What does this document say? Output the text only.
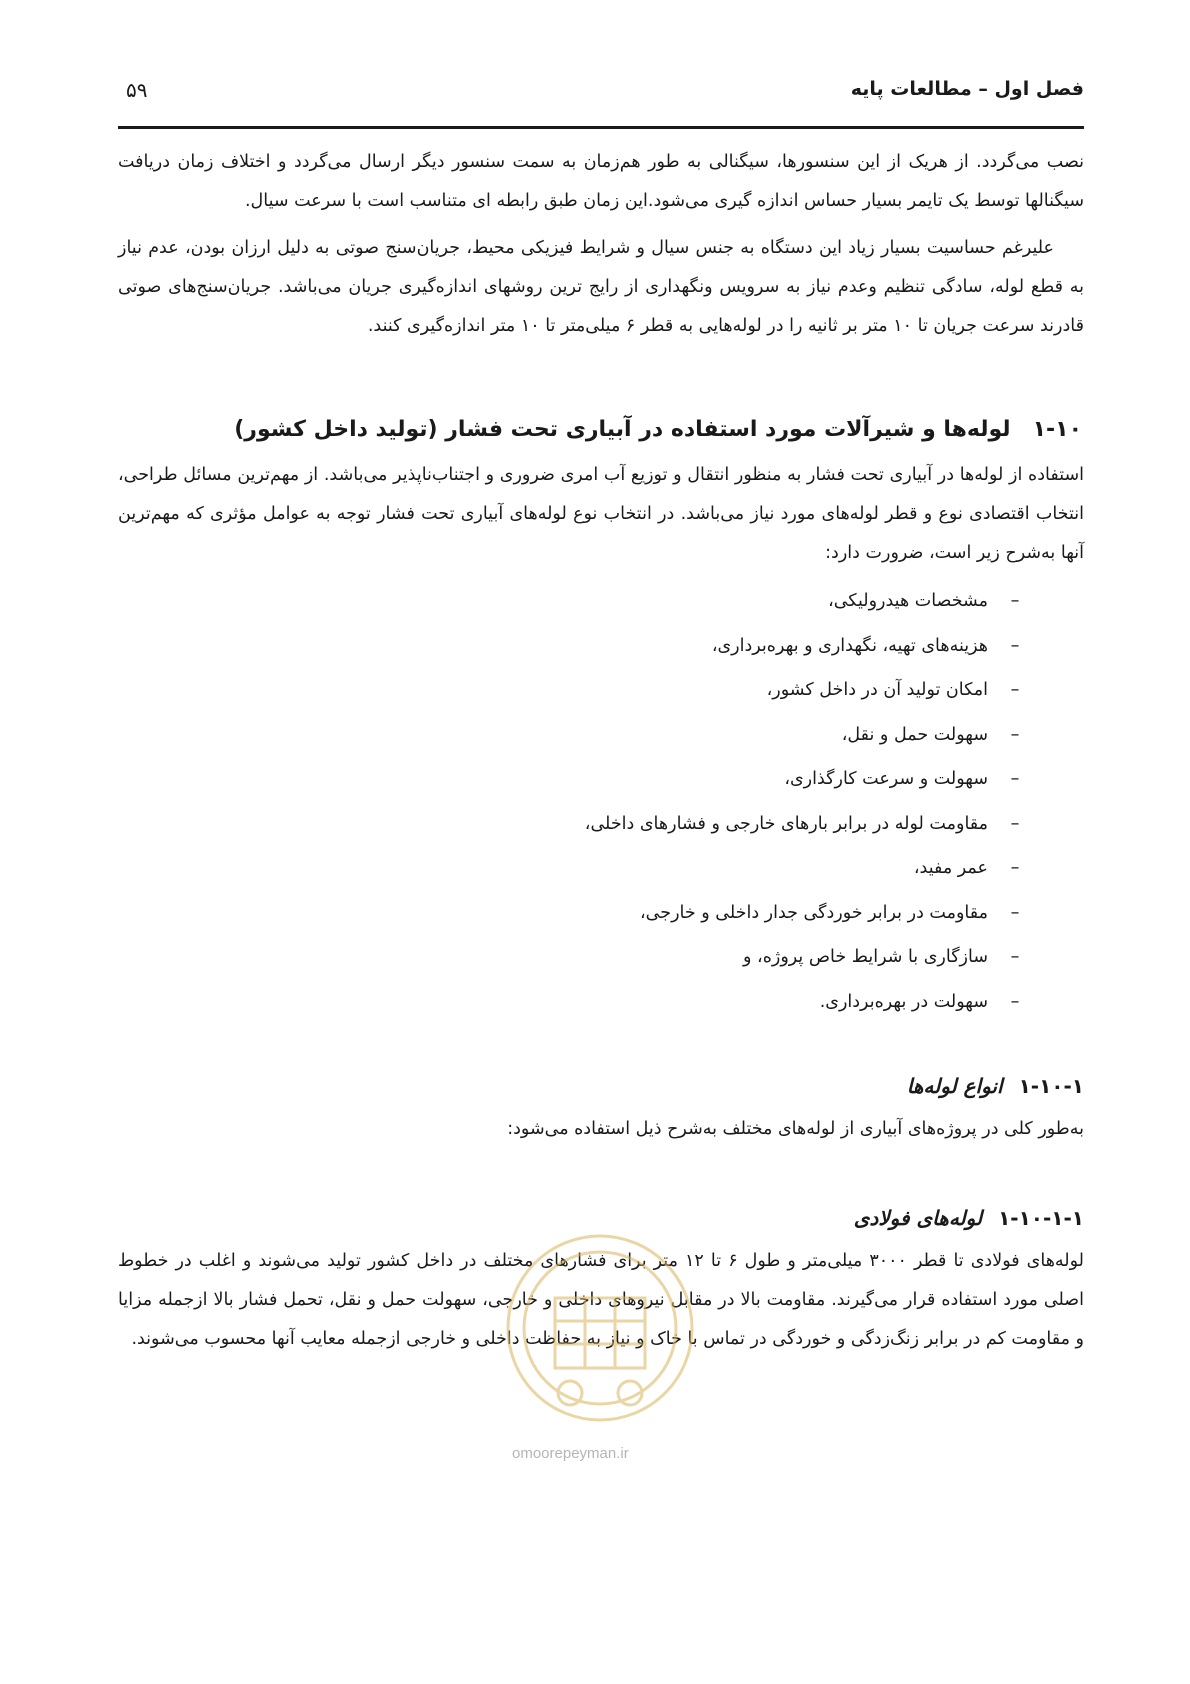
فصل اول – مطالعات پایه
۵۹

نصب می‌گردد. از هریک از این سنسورها، سیگنالی به طور هم‌زمان به سمت سنسور دیگر ارسال می‌گردد و اختلاف زمان دریافت سیگنالها توسط یک تایمر بسیار حساس اندازه گیری می‌شود.این زمان طبق رابطه ای متناسب است با سرعت سیال.

علیرغم حساسیت بسیار زیاد این دستگاه به جنس سیال و شرایط فیزیکی محیط، جریان‌سنج صوتی به دلیل ارزان بودن، عدم نیاز به قطع لوله، سادگی تنظیم وعدم نیاز به سرویس ونگهداری از رایج ترین روشهای اندازه‌گیری جریان می‌باشد. جریان‌سنج‌های صوتی قادرند سرعت جریان تا ۱۰ متر بر ثانیه را در لوله‌هایی به قطر ۶ میلی‌متر تا ۱۰ متر اندازه‌گیری کنند.

۱-۱۰لوله‌ها و شیرآلات مورد استفاده در آبیاری تحت فشار (تولید داخل کشور)

استفاده از لوله‌ها در آبیاری تحت فشار به منظور انتقال و توزیع آب امری ضروری و اجتناب‌ناپذیر می‌باشد. از مهم‌ترین مسائل طراحی، انتخاب اقتصادی نوع و قطر لوله‌های مورد نیاز می‌باشد. در انتخاب نوع لوله‌های آبیاری تحت فشار توجه به عوامل مؤثری که مهم‌ترین آنها به‌شرح زیر است، ضرورت دارد:

–
مشخصات هیدرولیکی،
–
هزینه‌های تهیه، نگهداری و بهره‌برداری،
–
امکان تولید آن در داخل کشور،
–
سهولت حمل و نقل،
–
سهولت و سرعت کارگذاری،
–
مقاومت لوله در برابر بارهای خارجی و فشارهای داخلی،
–
عمر مفید،
–
مقاومت در برابر خوردگی جدار داخلی و خارجی،
–
سازگاری با شرایط خاص پروژه، و
–
سهولت در بهره‌برداری.
۱-۱۰-۱انواع لوله‌ها

به‌طور کلی در پروژه‌های آبیاری از لوله‌های مختلف به‌شرح ذیل استفاده می‌شود:

۱-۱۰-۱-۱لوله‌های فولادی

لوله‌های فولادی تا قطر ۳۰۰۰ میلی‌متر و طول ۶ تا ۱۲ متر برای فشارهای مختلف در داخل کشور تولید می‌شوند و اغلب در خطوط اصلی مورد استفاده قرار می‌گیرند. مقاومت بالا در مقابل نیروهای داخلی و خارجی، سهولت حمل و نقل، تحمل فشار بالا ازجمله مزایا و مقاومت کم در برابر زنگ‌زدگی و خوردگی در تماس با خاک و نیاز به حفاظت داخلی و خارجی ازجمله معایب آنها محسوب می‌شوند.

omoorepeyman.ir
